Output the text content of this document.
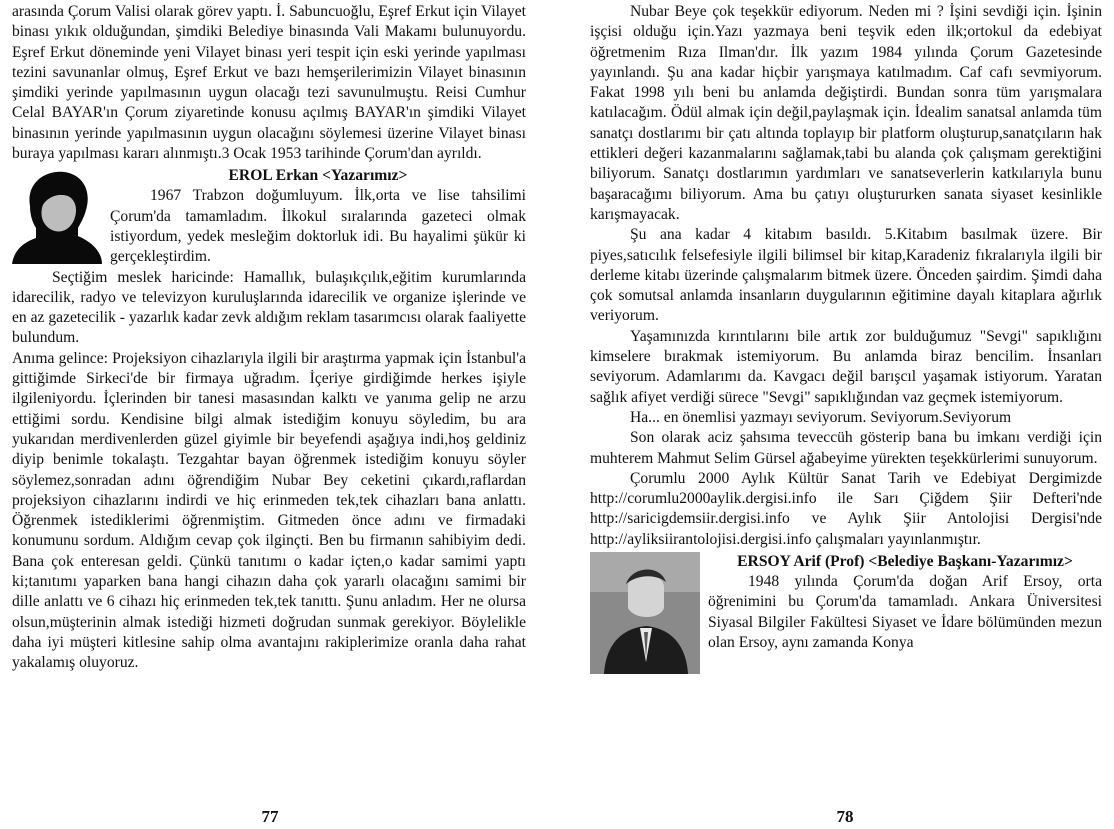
arasında Çorum Valisi olarak görev yaptı. İ. Sabuncuoğlu, Eşref Erkut için Vilayet binası yıkık olduğundan, şimdiki Belediye binasında Vali Makamı bulunuyordu. Eşref Erkut döneminde yeni Vilayet binası yeri tespit için eski yerinde yapılması tezini savunanlar olmuş, Eşref Erkut ve bazı hemşerilerimizin Vilayet binasının şimdiki yerinde yapılmasının uygun olacağı tezi savunulmuştu. Reisi Cumhur Celal BAYAR'ın Çorum ziyaretinde konusu açılmış BAYAR'ın şimdiki Vilayet binasının yerinde yapılmasının uygun olacağını söylemesi üzerine Vilayet binası buraya yapılması kararı alınmıştı.3 Ocak 1953 tarihinde Çorum'dan ayrıldı.

EROL Erkan <Yazarımız>

1967 Trabzon doğumluyum. İlk,orta ve lise tahsilimi Çorum'da tamamladım. İlkokul sıralarında gazeteci olmak istiyordum, yedek mesleğim doktorluk idi. Bu hayalimi şükür ki gerçekleştirdim.

Seçtiğim meslek haricinde: Hamallık, bulaşıkçılık,eğitim kurumlarında idarecilik, radyo ve televizyon kuruluşlarında idarecilik ve organize işlerinde ve en az gazetecilik - yazarlık kadar zevk aldığım reklam tasarımcısı olarak faaliyette bulundum.

Anıma gelince: Projeksiyon cihazlarıyla ilgili bir araştırma yapmak için İstanbul'a gittiğimde Sirkeci'de bir firmaya uğradım. İçeriye girdiğimde herkes işiyle ilgileniyordu. İçlerinden bir tanesi masasından kalktı ve yanıma gelip ne arzu ettiğimi sordu. Kendisine bilgi almak istediğim konuyu söyledim, bu ara yukarıdan merdivenlerden güzel giyimle bir beyefendi aşağıya indi,hoş geldiniz diyip benimle tokalaştı. Tezgahtar bayan öğrenmek istediğim konuyu söyler söylemez,sonradan adını öğrendiğim Nubar Bey ceketini çıkardı,raflardan projeksiyon cihazlarını indirdi ve hiç erinmeden tek,tek cihazları bana anlattı. Öğrenmek istediklerimi öğrenmiştim. Gitmeden önce adını ve firmadaki konumunu sordum. Aldığım cevap çok ilginçti. Ben bu firmanın sahibiyim dedi. Bana çok enteresan geldi. Çünkü tanıtımı o kadar içten,o kadar samimi yaptı ki;tanıtımı yaparken bana hangi cihazın daha çok yararlı olacağını samimi bir dille anlattı ve 6 cihazı hiç erinmeden tek,tek tanıttı. Şunu anladım. Her ne olursa olsun,müşterinin almak istediği hizmeti doğrudan sunmak gerekiyor. Böylelikle daha iyi müşteri kitlesine sahip olma avantajını rakiplerimize oranla daha rahat yakalamış oluyoruz.

77

Nubar Beye çok teşekkür ediyorum. Neden mi ? İşini sevdiği için. İşinin işçisi olduğu için.Yazı yazmaya beni teşvik eden ilk;ortokul da edebiyat öğretmenim Rıza Ilman'dır. İlk yazım 1984 yılında Çorum Gazetesinde yayınlandı. Şu ana kadar hiçbir yarışmaya katılmadım. Caf cafı sevmiyorum. Fakat 1998 yılı beni bu anlamda değiştirdi. Bundan sonra tüm yarışmalara katılacağım. Ödül almak için değil,paylaşmak için. İdealim sanatsal anlamda tüm sanatçı dostlarımı bir çatı altında toplayıp bir platform oluşturup,sanatçıların hak ettikleri değeri kazanmalarını sağlamak,tabi bu alanda çok çalışmam gerektiğini biliyorum. Sanatçı dostlarımın yardımları ve sanatseverlerin katkılarıyla bunu başaracağımı biliyorum. Ama bu çatıyı oluştururken sanata siyaset kesinlikle karışmayacak.

Şu ana kadar 4 kitabım basıldı. 5.Kitabım basılmak üzere. Bir piyes,satıcılık felsefesiyle ilgili bilimsel bir kitap,Karadeniz fıkralarıyla ilgili bir derleme kitabı üzerinde çalışmalarım bitmek üzere. Önceden şairdim. Şimdi daha çok somutsal anlamda insanların duygularının eğitimine dayalı kitaplara ağırlık veriyorum.

Yaşamınızda kırıntılarını bile artık zor bulduğumuz "Sevgi" sapıklığını kimselere bırakmak istemiyorum. Bu anlamda biraz bencilim. İnsanları seviyorum. Adamlarımı da. Kavgacı değil barışcıl yaşamak istiyorum. Yaratan sağlık afiyet verdiği sürece "Sevgi" sapıklığından vaz geçmek istemiyorum.

Ha... en önemlisi yazmayı seviyorum. Seviyorum.Seviyorum

Son olarak aciz şahsıma teveccüh gösterip bana bu imkanı verdiği için muhterem Mahmut Selim Gürsel ağabeyime yürekten teşekkürlerimi sunuyorum.

Çorumlu 2000 Aylık Kültür Sanat Tarih ve Edebiyat Dergimizde http://corumlu2000aylik.dergisi.info ile Sarı Çiğdem Şiir Defteri'nde http://saricigdemsiir.dergisi.info ve Aylık Şiir Antolojisi Dergisi'nde http://ayliksiirantolojisi.dergisi.info çalışmaları yayınlanmıştır.

ERSOY Arif (Prof) <Belediye Başkanı-Yazarımız>

1948 yılında Çorum'da doğan Arif Ersoy, orta öğrenimini bu Çorum'da tamamladı. Ankara Üniversitesi Siyasal Bilgiler Fakültesi Siyaset ve İdare bölümünden mezun olan Ersoy, aynı zamanda Konya

78
